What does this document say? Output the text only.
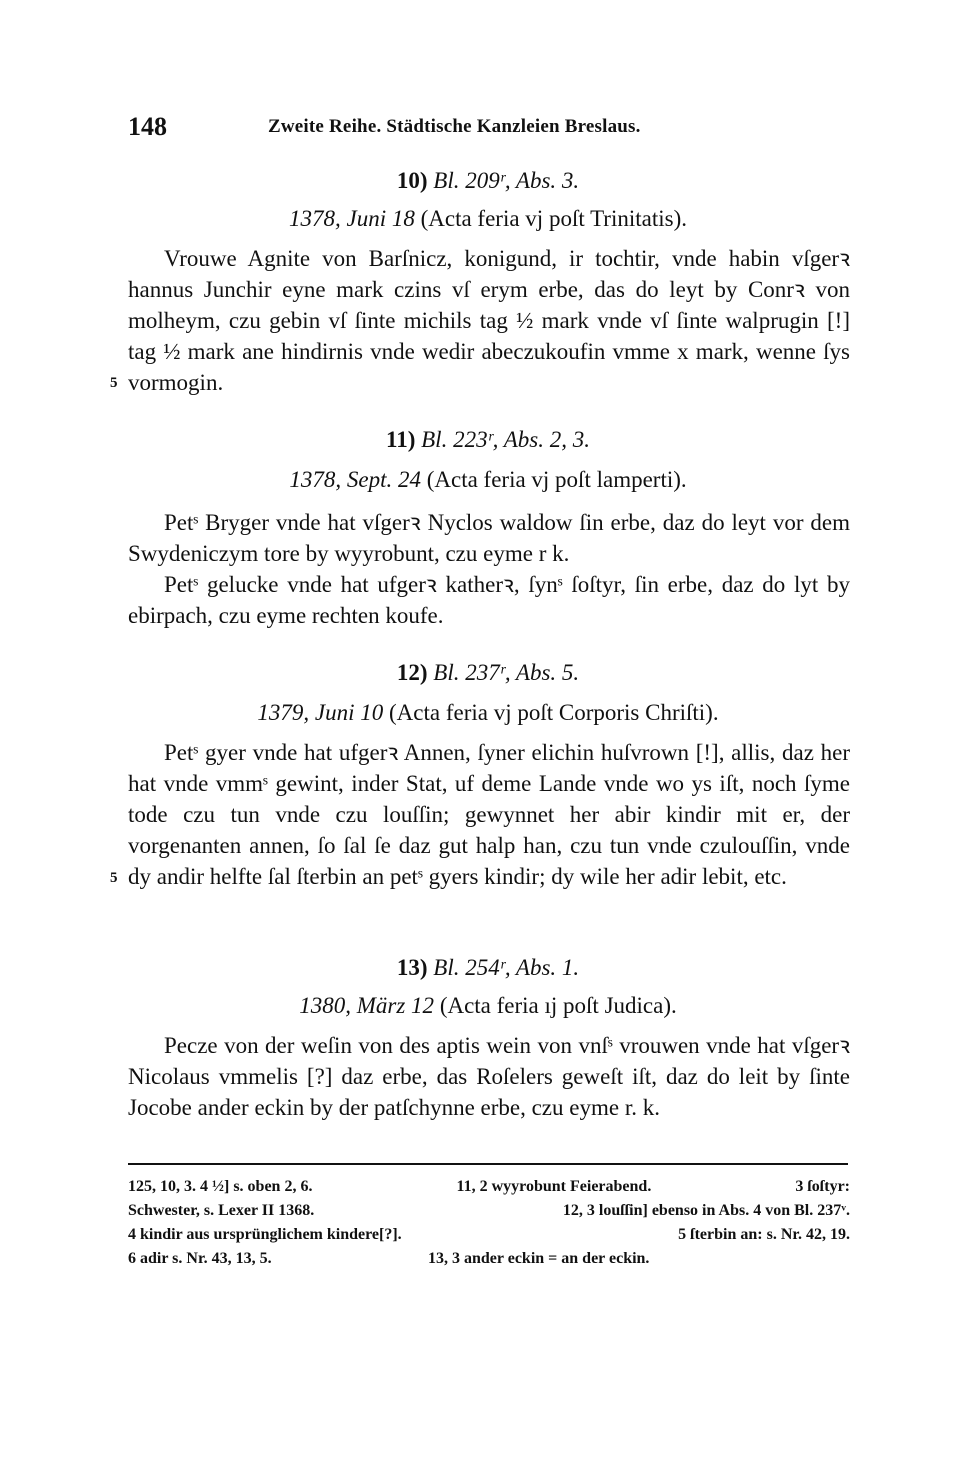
148	Zweite Reihe. Städtische Kanzleien Breslaus.
10) Bl. 209ʳ, Abs. 3.
1378, Juni 18 (Acta feria vj poſt Trinitatis).
5

Vrouwe Agnite von Barſnicz, konigund, ir tochtir, vnde habin vſgerꝛ hannus Junchir eyne mark czins vſ erym erbe, das do leyt by Conrꝛ von molheym, czu gebin vſ ſinte michils tag ½ mark vnde vſ ſinte walprugin [!] tag ½ mark ane hindirnis vnde wedir abeczukoufin vmme x mark, wenne ſys vormogin.

11) Bl. 223ʳ, Abs. 2, 3.
1378, Sept. 24 (Acta feria vj poſt lamperti).

Petˢ Bryger vnde hat vſgerꝛ Nyclos waldow ſin erbe, daz do leyt vor dem Swydeniczym tore by wyyrobunt, czu eyme r k.

Petˢ gelucke vnde hat ufgerꝛ katherꝛ, ſynˢ ſoſtyr, ſin erbe, daz do lyt by ebirpach, czu eyme rechten koufe.

12) Bl. 237ʳ, Abs. 5.
1379, Juni 10 (Acta feria vj poſt Corporis Chriſti).
5

Petˢ gyer vnde hat ufgerꝛ Annen, ſyner elichin huſvrown [!], allis, daz her hat vnde vmmˢ gewint, inder Stat, uf deme Lande vnde wo ys iſt, noch ſyme tode czu tun vnde czu louſſin; gewynnet her abir kindir mit er, der vorgenanten annen, ſo ſal ſe daz gut halp han, czu tun vnde czulouſſin, vnde dy andir helfte ſal ſterbin an petˢ gyers kindir; dy wile her adir lebit, etc.

13) Bl. 254ʳ, Abs. 1.
1380, März 12 (Acta feria ıj poſt Judica).

Pecze von der weſin von des aptis wein von vnſˢ vrouwen vnde hat vſgerꝛ Nicolaus vmmelis [?] daz erbe, das Roſelers geweſt iſt, daz do leit by ſinte Jocobe ander eckin by der patſchynne erbe, czu eyme r. k.

125, 10, 3. 4 ½] s. oben 2, 6.	11, 2 wyyrobunt Feierabend.	3 ſoſtyr:
Schwester, s. Lexer II 1368.	12, 3 louſſin] ebenso in Abs. 4 von Bl. 237ᵛ.
4 kindir aus ursprünglichem kindere[?].	5 ſterbin an: s. Nr. 42, 19.
6 adir s. Nr. 43, 13, 5.	13, 3 ander eckin = an der eckin.
